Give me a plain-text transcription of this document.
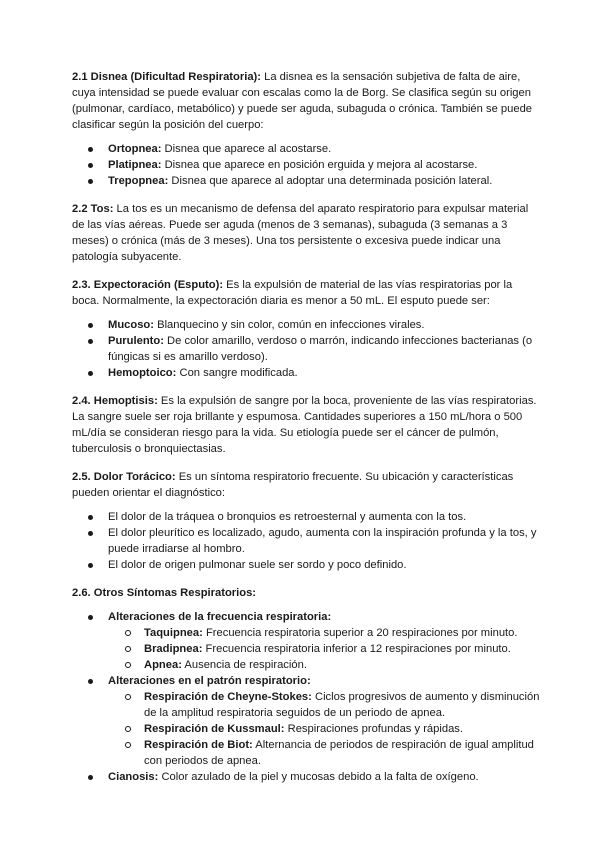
2.1 Disnea (Dificultad Respiratoria): La disnea es la sensación subjetiva de falta de aire, cuya intensidad se puede evaluar con escalas como la de Borg. Se clasifica según su origen (pulmonar, cardíaco, metabólico) y puede ser aguda, subaguda o crónica. También se puede clasificar según la posición del cuerpo:

Ortopnea: Disnea que aparece al acostarse.
Platipnea: Disnea que aparece en posición erguida y mejora al acostarse.
Trepopnea: Disnea que aparece al adoptar una determinada posición lateral.

2.2 Tos: La tos es un mecanismo de defensa del aparato respiratorio para expulsar material de las vías aéreas. Puede ser aguda (menos de 3 semanas), subaguda (3 semanas a 3 meses) o crónica (más de 3 meses). Una tos persistente o excesiva puede indicar una patología subyacente.

2.3. Expectoración (Esputo): Es la expulsión de material de las vías respiratorias por la boca. Normalmente, la expectoración diaria es menor a 50 mL. El esputo puede ser:

Mucoso: Blanquecino y sin color, común en infecciones virales.
Purulento: De color amarillo, verdoso o marrón, indicando infecciones bacterianas (o fúngicas si es amarillo verdoso).
Hemoptoico: Con sangre modificada.

2.4. Hemoptisis: Es la expulsión de sangre por la boca, proveniente de las vías respiratorias. La sangre suele ser roja brillante y espumosa. Cantidades superiores a 150 mL/hora o 500 mL/día se consideran riesgo para la vida. Su etiología puede ser el cáncer de pulmón, tuberculosis o bronquiectasias.

2.5. Dolor Torácico: Es un síntoma respiratorio frecuente. Su ubicación y características pueden orientar el diagnóstico:

El dolor de la tráquea o bronquios es retroesternal y aumenta con la tos.
El dolor pleurítico es localizado, agudo, aumenta con la inspiración profunda y la tos, y puede irradiarse al hombro.
El dolor de origen pulmonar suele ser sordo y poco definido.

2.6. Otros Síntomas Respiratorios:

Alteraciones de la frecuencia respiratoria:
Taquipnea: Frecuencia respiratoria superior a 20 respiraciones por minuto.
Bradipnea: Frecuencia respiratoria inferior a 12 respiraciones por minuto.
Apnea: Ausencia de respiración.
Alteraciones en el patrón respiratorio:
Respiración de Cheyne-Stokes: Ciclos progresivos de aumento y disminución de la amplitud respiratoria seguidos de un periodo de apnea.
Respiración de Kussmaul: Respiraciones profundas y rápidas.
Respiración de Biot: Alternancia de periodos de respiración de igual amplitud con periodos de apnea.
Cianosis: Color azulado de la piel y mucosas debido a la falta de oxígeno.
